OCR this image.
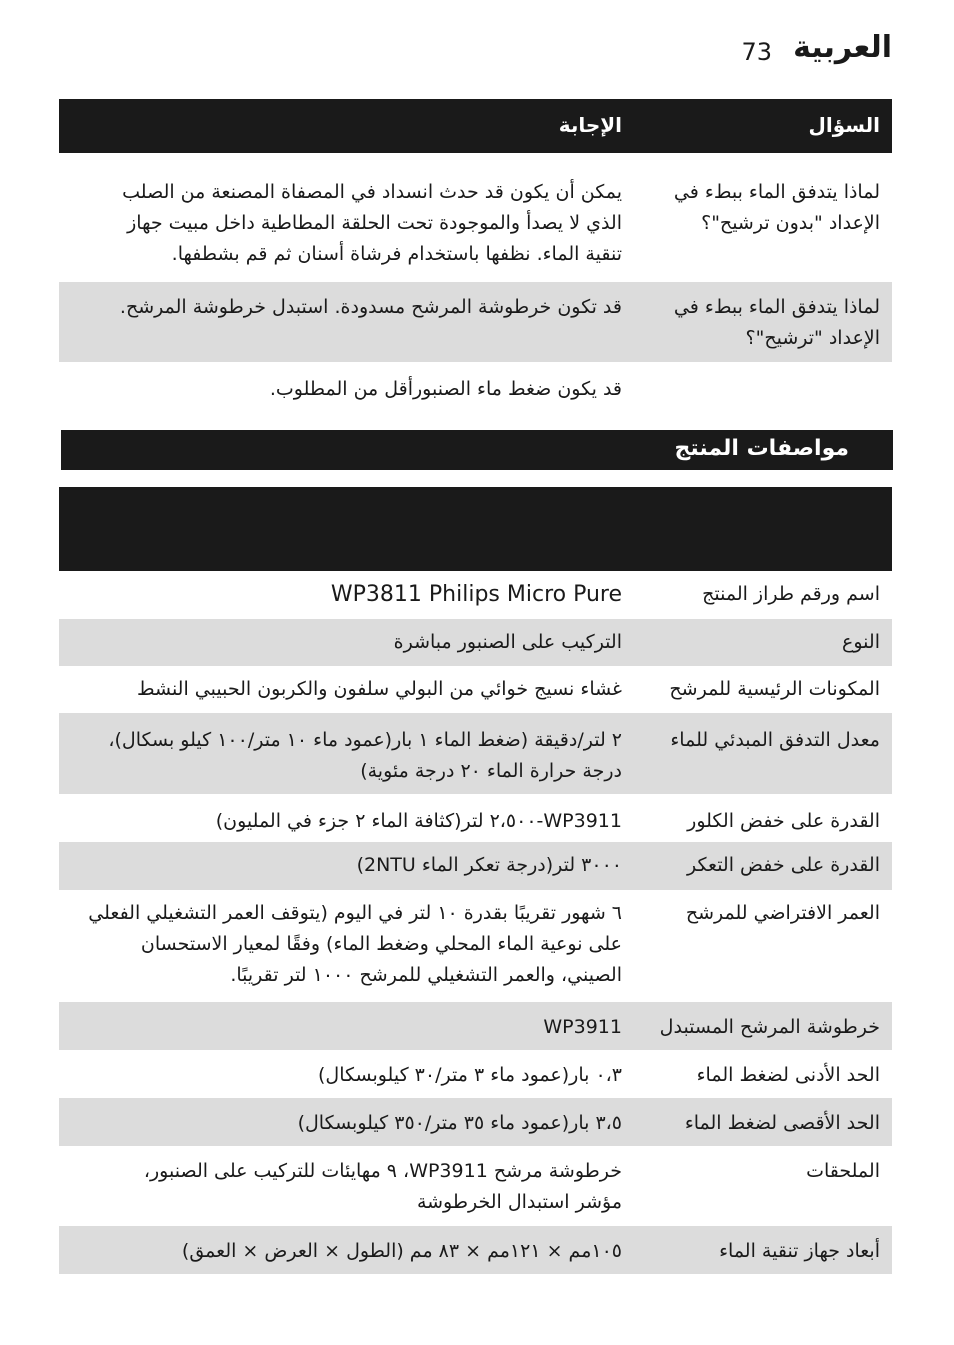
العربية
73
السؤال
الإجابة
لماذا يتدفق الماء ببطء في
الإعداد "بدون ترشيح"؟
يمكن أن يكون قد حدث انسداد في المصفاة المصنعة من الصلب
الذي لا يصدأ والموجودة تحت الحلقة المطاطية داخل مبيت جهاز
تنقية الماء. نظفها باستخدام فرشاة أسنان ثم قم بشطفها.
لماذا يتدفق الماء ببطء في
الإعداد "ترشيح"؟
قد تكون خرطوشة المرشح مسدودة. استبدل خرطوشة المرشح.
قد يكون ضغط ماء الصنبورأقل من المطلوب.
مواصفات المنتج
اسم ورقم طراز المنتج
WP3811 Philips Micro Pure
النوع
التركيب على الصنبور مباشرة
المكونات الرئيسية للمرشح
غشاء نسيج خوائي من البولي سلفون والكربون الحبيبي النشط
معدل التدفق المبدئي للماء
٢ لتر/دقيقة (ضغط الماء ١ بار(عمود ماء ١٠ متر/١٠٠ كيلو بسكال)،
درجة حرارة الماء ٢٠ درجة مئوية)
القدرة على خفض الكلور
WP3911-٢،٥٠٠ لتر(كثافة الماء ٢ جزء في المليون)
القدرة على خفض التعكر
٣٠٠٠ لتر(درجة تعكر الماء 2NTU)
العمر الافتراضي للمرشح
٦ شهور تقريبًا بقدرة ١٠ لتر في اليوم (يتوقف العمر التشغيلي الفعلي
على نوعية الماء المحلي وضغط الماء) وفقًا لمعيار الاستحسان
الصيني، والعمر التشغيلي للمرشح ١٠٠٠ لتر تقريبًا.
خرطوشة المرشح المستبدل
WP3911
الحد الأدنى لضغط الماء
٠،٣ بار(عمود ماء ٣ متر/٣٠ كيلوبسكال)
الحد الأقصى لضغط الماء
٣،٥ بار(عمود ماء ٣٥ متر/٣٥٠ كيلوبسكال)
الملحقات
خرطوشة مرشح WP3911، ٩ مهايئات للتركيب على الصنبور،
مؤشر استبدال الخرطوشة
أبعاد جهاز تنقية الماء
١٠٥مم × ١٢١مم × ٨٣ مم (الطول × العرض × العمق)
